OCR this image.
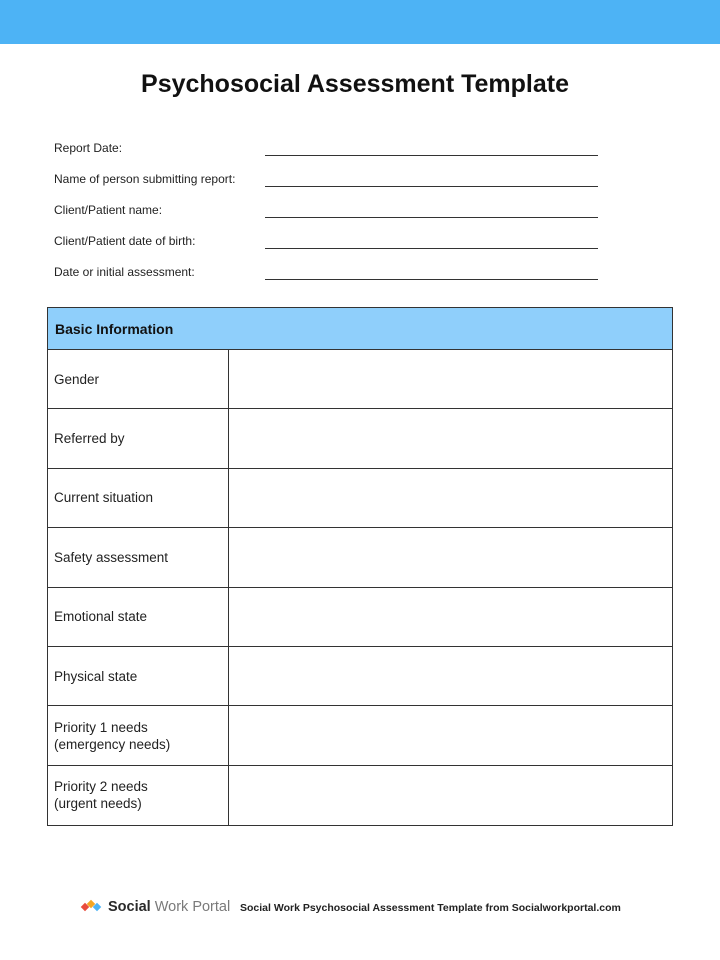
Psychosocial Assessment Template
Report Date:
Name of person submitting report:
Client/Patient name:
Client/Patient date of birth:
Date or initial assessment:
Basic Information
Gender
Referred by
Current situation
Safety assessment
Emotional state
Physical state
Priority 1 needs
(emergency needs)
Priority 2 needs
(urgent needs)
Social Work Portal Social Work Psychosocial Assessment Template from Socialworkportal.com
